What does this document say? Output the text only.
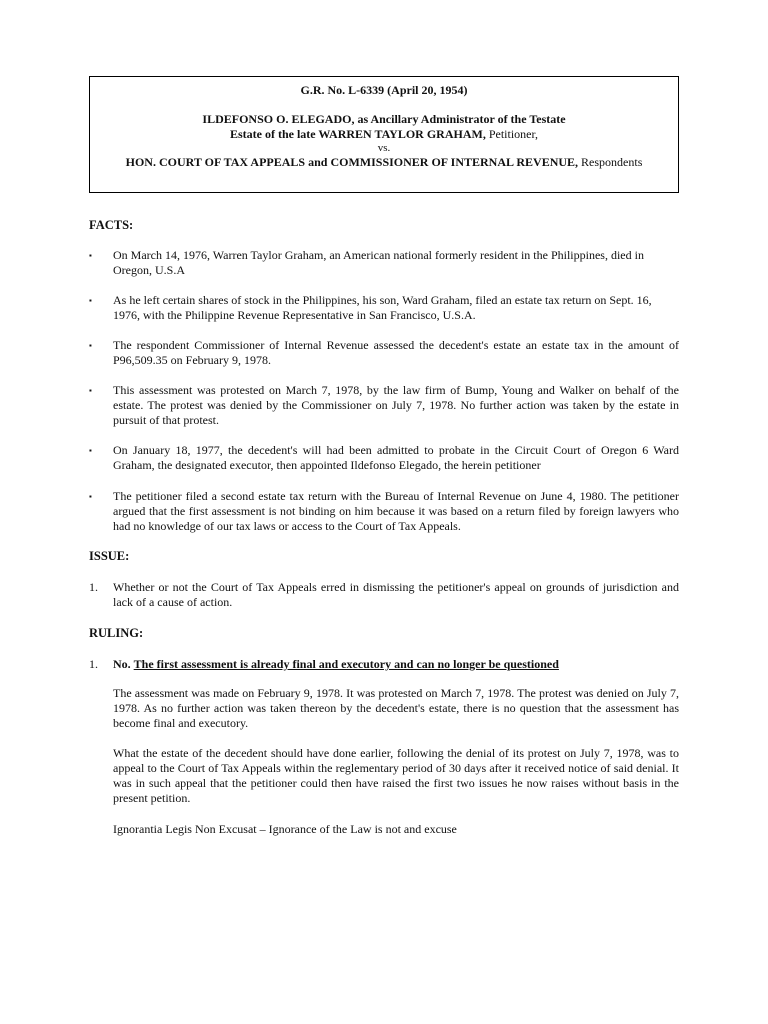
G.R. No. L-6339 (April 20, 1954)
ILDEFONSO O. ELEGADO, as Ancillary Administrator of the Testate
Estate of the late WARREN TAYLOR GRAHAM, Petitioner,
vs.
HON. COURT OF TAX APPEALS and COMMISSIONER OF INTERNAL REVENUE, Respondents
FACTS:
▪ On March 14, 1976, Warren Taylor Graham, an American national formerly resident in the Philippines, died in Oregon, U.S.A
▪ As he left certain shares of stock in the Philippines, his son, Ward Graham, filed an estate tax return on Sept. 16, 1976, with the Philippine Revenue Representative in San Francisco, U.S.A.
▪ The respondent Commissioner of Internal Revenue assessed the decedent's estate an estate tax in the amount of P96,509.35 on February 9, 1978.
▪ This assessment was protested on March 7, 1978, by the law firm of Bump, Young and Walker on behalf of the estate. The protest was denied by the Commissioner on July 7, 1978. No further action was taken by the estate in pursuit of that protest.
▪ On January 18, 1977, the decedent's will had been admitted to probate in the Circuit Court of Oregon 6 Ward Graham, the designated executor, then appointed Ildefonso Elegado, the herein petitioner
▪ The petitioner filed a second estate tax return with the Bureau of Internal Revenue on June 4, 1980. The petitioner argued that the first assessment is not binding on him because it was based on a return filed by foreign lawyers who had no knowledge of our tax laws or access to the Court of Tax Appeals.
ISSUE:
1. Whether or not the Court of Tax Appeals erred in dismissing the petitioner's appeal on grounds of jurisdiction and lack of a cause of action.
RULING:
1. No. The first assessment is already final and executory and can no longer be questioned
The assessment was made on February 9, 1978. It was protested on March 7, 1978. The protest was denied on July 7, 1978. As no further action was taken thereon by the decedent's estate, there is no question that the assessment has become final and executory.
What the estate of the decedent should have done earlier, following the denial of its protest on July 7, 1978, was to appeal to the Court of Tax Appeals within the reglementary period of 30 days after it received notice of said denial. It was in such appeal that the petitioner could then have raised the first two issues he now raises without basis in the present petition.
Ignorantia Legis Non Excusat – Ignorance of the Law is not and excuse
